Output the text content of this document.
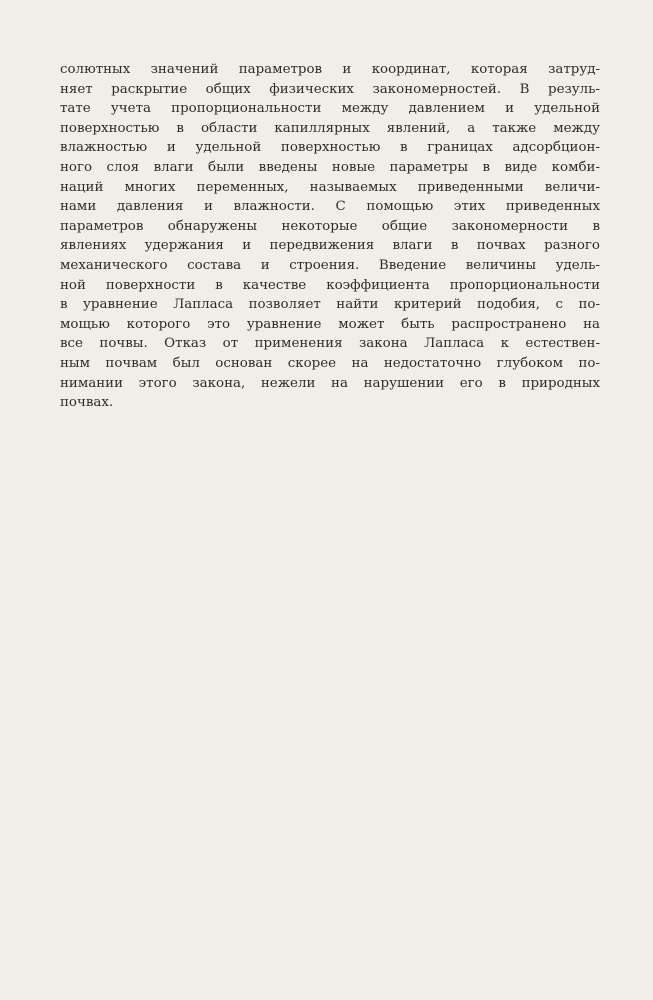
солютных значений параметров и координат, которая затруд-
няет раскрытие общих физических закономерностей. В резуль-
тате учета пропорциональности между давлением и удельной
поверхностью в области капиллярных явлений, а также между
влажностью и удельной поверхностью в границах адсорбцион-
ного слоя влаги были введены новые параметры в виде комби-
наций многих переменных, называемых приведенными величи-
нами давления и влажности. С помощью этих приведенных
параметров обнаружены некоторые общие закономерности в
явлениях удержания и передвижения влаги в почвах разного
механического состава и строения. Введение величины удель-
ной поверхности в качестве коэффициента пропорциональности
в уравнение Лапласа позволяет найти критерий подобия, с по-
мощью которого это уравнение может быть распространено на
все почвы. Отказ от применения закона Лапласа к естествен-
ным почвам был основан скорее на недостаточно глубоком по-
нимании этого закона, нежели на нарушении его в природных
почвах.
